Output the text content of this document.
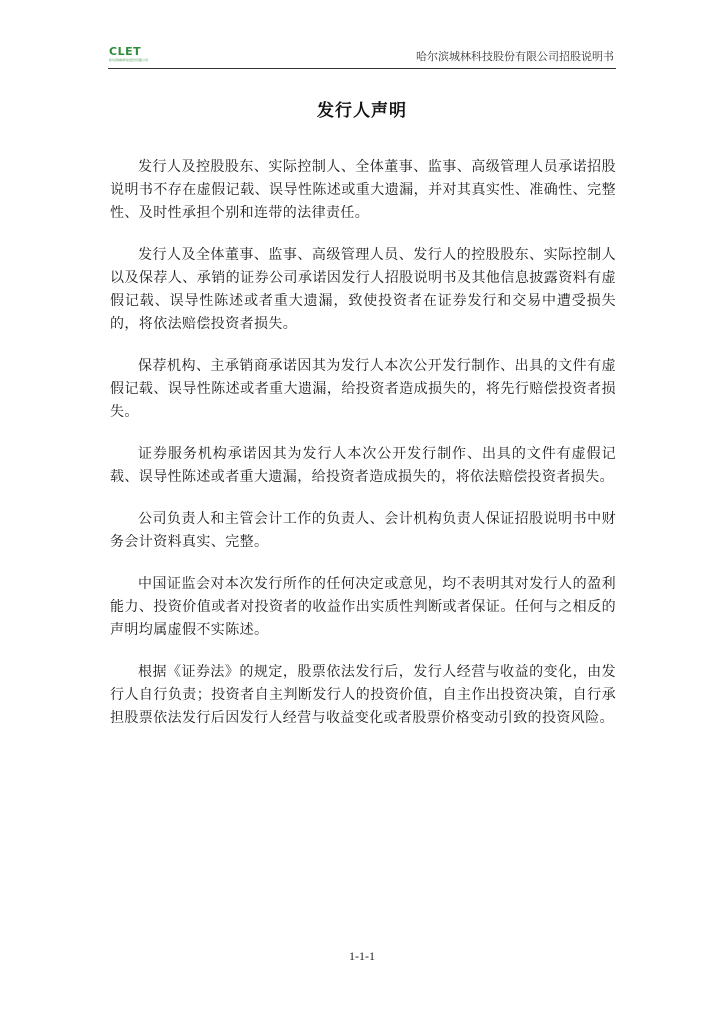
CLET
哈尔滨城林科技股份有限公司	哈尔滨城林科技股份有限公司招股说明书
发行人声明

发行人及控股股东、实际控制人、全体董事、监事、高级管理人员承诺招股说明书不存在虚假记载、误导性陈述或重大遗漏，并对其真实性、准确性、完整性、及时性承担个别和连带的法律责任。

发行人及全体董事、监事、高级管理人员、发行人的控股股东、实际控制人以及保荐人、承销的证券公司承诺因发行人招股说明书及其他信息披露资料有虚假记载、误导性陈述或者重大遗漏，致使投资者在证券发行和交易中遭受损失的，将依法赔偿投资者损失。

保荐机构、主承销商承诺因其为发行人本次公开发行制作、出具的文件有虚假记载、误导性陈述或者重大遗漏，给投资者造成损失的，将先行赔偿投资者损失。

证券服务机构承诺因其为发行人本次公开发行制作、出具的文件有虚假记载、误导性陈述或者重大遗漏，给投资者造成损失的，将依法赔偿投资者损失。

公司负责人和主管会计工作的负责人、会计机构负责人保证招股说明书中财务会计资料真实、完整。

中国证监会对本次发行所作的任何决定或意见，均不表明其对发行人的盈利能力、投资价值或者对投资者的收益作出实质性判断或者保证。任何与之相反的声明均属虚假不实陈述。

根据《证券法》的规定，股票依法发行后，发行人经营与收益的变化，由发行人自行负责；投资者自主判断发行人的投资价值，自主作出投资决策，自行承担股票依法发行后因发行人经营与收益变化或者股票价格变动引致的投资风险。

1-1-1
